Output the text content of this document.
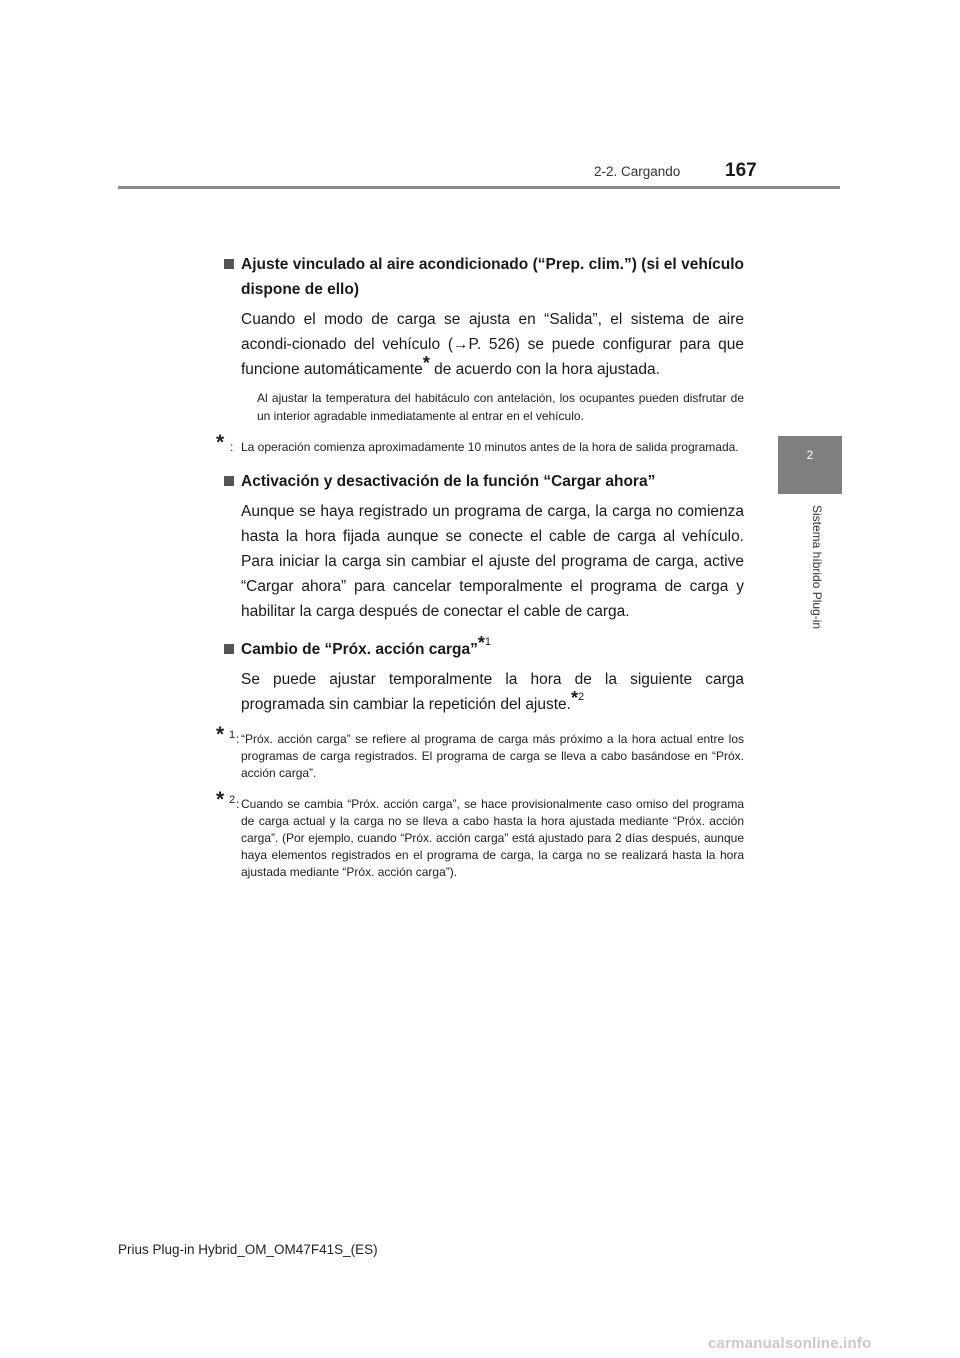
167
2-2. Cargando
2
Sistema híbrido Plug-in

Ajuste vinculado al aire acondicionado (“Prep. clim.”) (si el vehículo dispone de ello)

Cuando el modo de carga se ajusta en “Salida”, el sistema de aire acondi-cionado del vehículo (→P. 526) se puede configurar para que funcione automáticamente* de acuerdo con la hora ajustada.

Al ajustar la temperatura del habitáculo con antelación, los ocupantes pueden disfrutar de un interior agradable inmediatamente al entrar en el vehículo.

* : La operación comienza aproximadamente 10 minutos antes de la hora de salida programada.

Activación y desactivación de la función “Cargar ahora”

Aunque se haya registrado un programa de carga, la carga no comienza hasta la hora fijada aunque se conecte el cable de carga al vehículo. Para iniciar la carga sin cambiar el ajuste del programa de carga, active “Cargar ahora” para cancelar temporalmente el programa de carga y habilitar la carga después de conectar el cable de carga.

Cambio de “Próx. acción carga”$^{*1}$

Se puede ajustar temporalmente la hora de la siguiente carga programada sin cambiar la repetición del ajuste.$^{*2}$

* 1 : “Próx. acción carga” se refiere al programa de carga más próximo a la hora actual entre los programas de carga registrados. El programa de carga se lleva a cabo basándose en “Próx. acción carga”.

* 2 : Cuando se cambia “Próx. acción carga”, se hace provisionalmente caso omiso del programa de carga actual y la carga no se lleva a cabo hasta la hora ajustada mediante “Próx. acción carga”. (Por ejemplo, cuando “Próx. acción carga” está ajustado para 2 días después, aunque haya elementos registrados en el programa de carga, la carga no se realizará hasta la hora ajustada mediante “Próx. acción carga”).

Prius Plug-in Hybrid_OM_OM47F41S_(ES)
carmanualsonline.info
